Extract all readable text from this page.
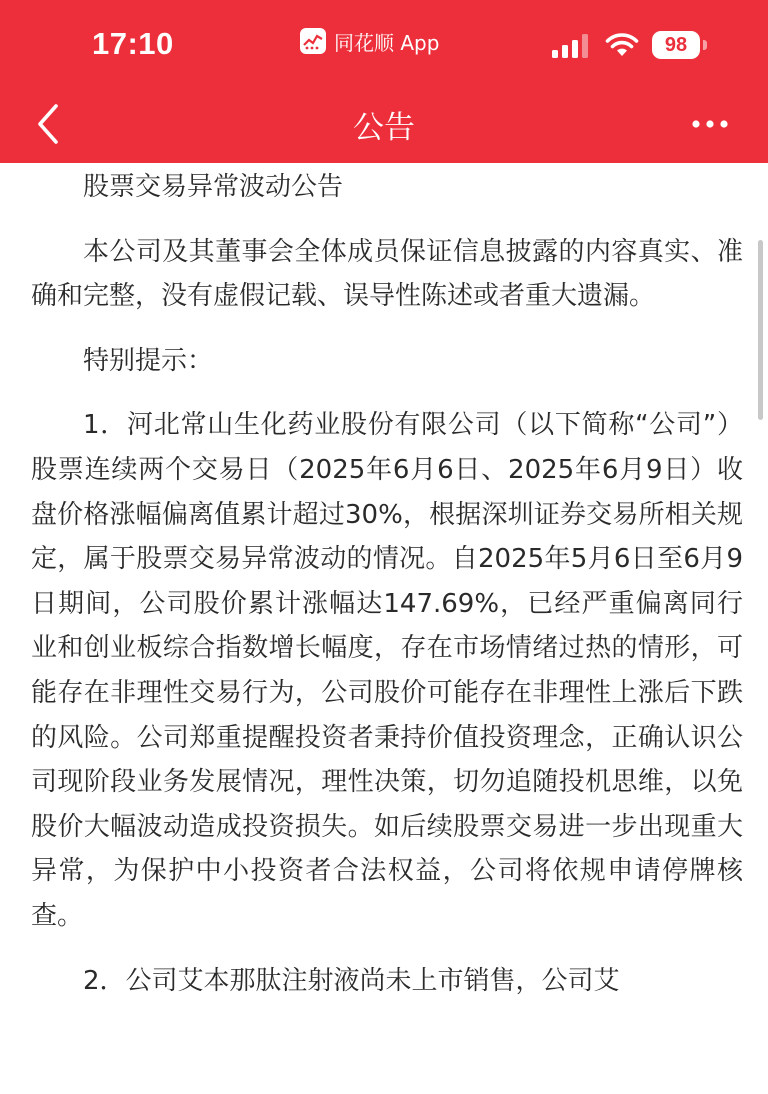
17:10	同花顺 App	98
公告

股票交易异常波动公告

本公司及其董事会全体成员保证信息披露的内容真实、准确和完整，没有虚假记载、误导性陈述或者重大遗漏。

特别提示：

1．河北常山生化药业股份有限公司（以下简称“公司”）股票连续两个交易日（2025年6月6日、2025年6月9日）收盘价格涨幅偏离值累计超过30%，根据深圳证券交易所相关规定，属于股票交易异常波动的情况。自2025年5月6日至6月9日期间，公司股价累计涨幅达147.69%，已经严重偏离同行业和创业板综合指数增长幅度，存在市场情绪过热的情形，可能存在非理性交易行为，公司股价可能存在非理性上涨后下跌的风险。公司郑重提醒投资者秉持价值投资理念，正确认识公司现阶段业务发展情况，理性决策，切勿追随投机思维，以免股价大幅波动造成投资损失。如后续股票交易进一步出现重大异常，为保护中小投资者合法权益，公司将依规申请停牌核查。

2．公司艾本那肽注射液尚未上市销售，公司艾
